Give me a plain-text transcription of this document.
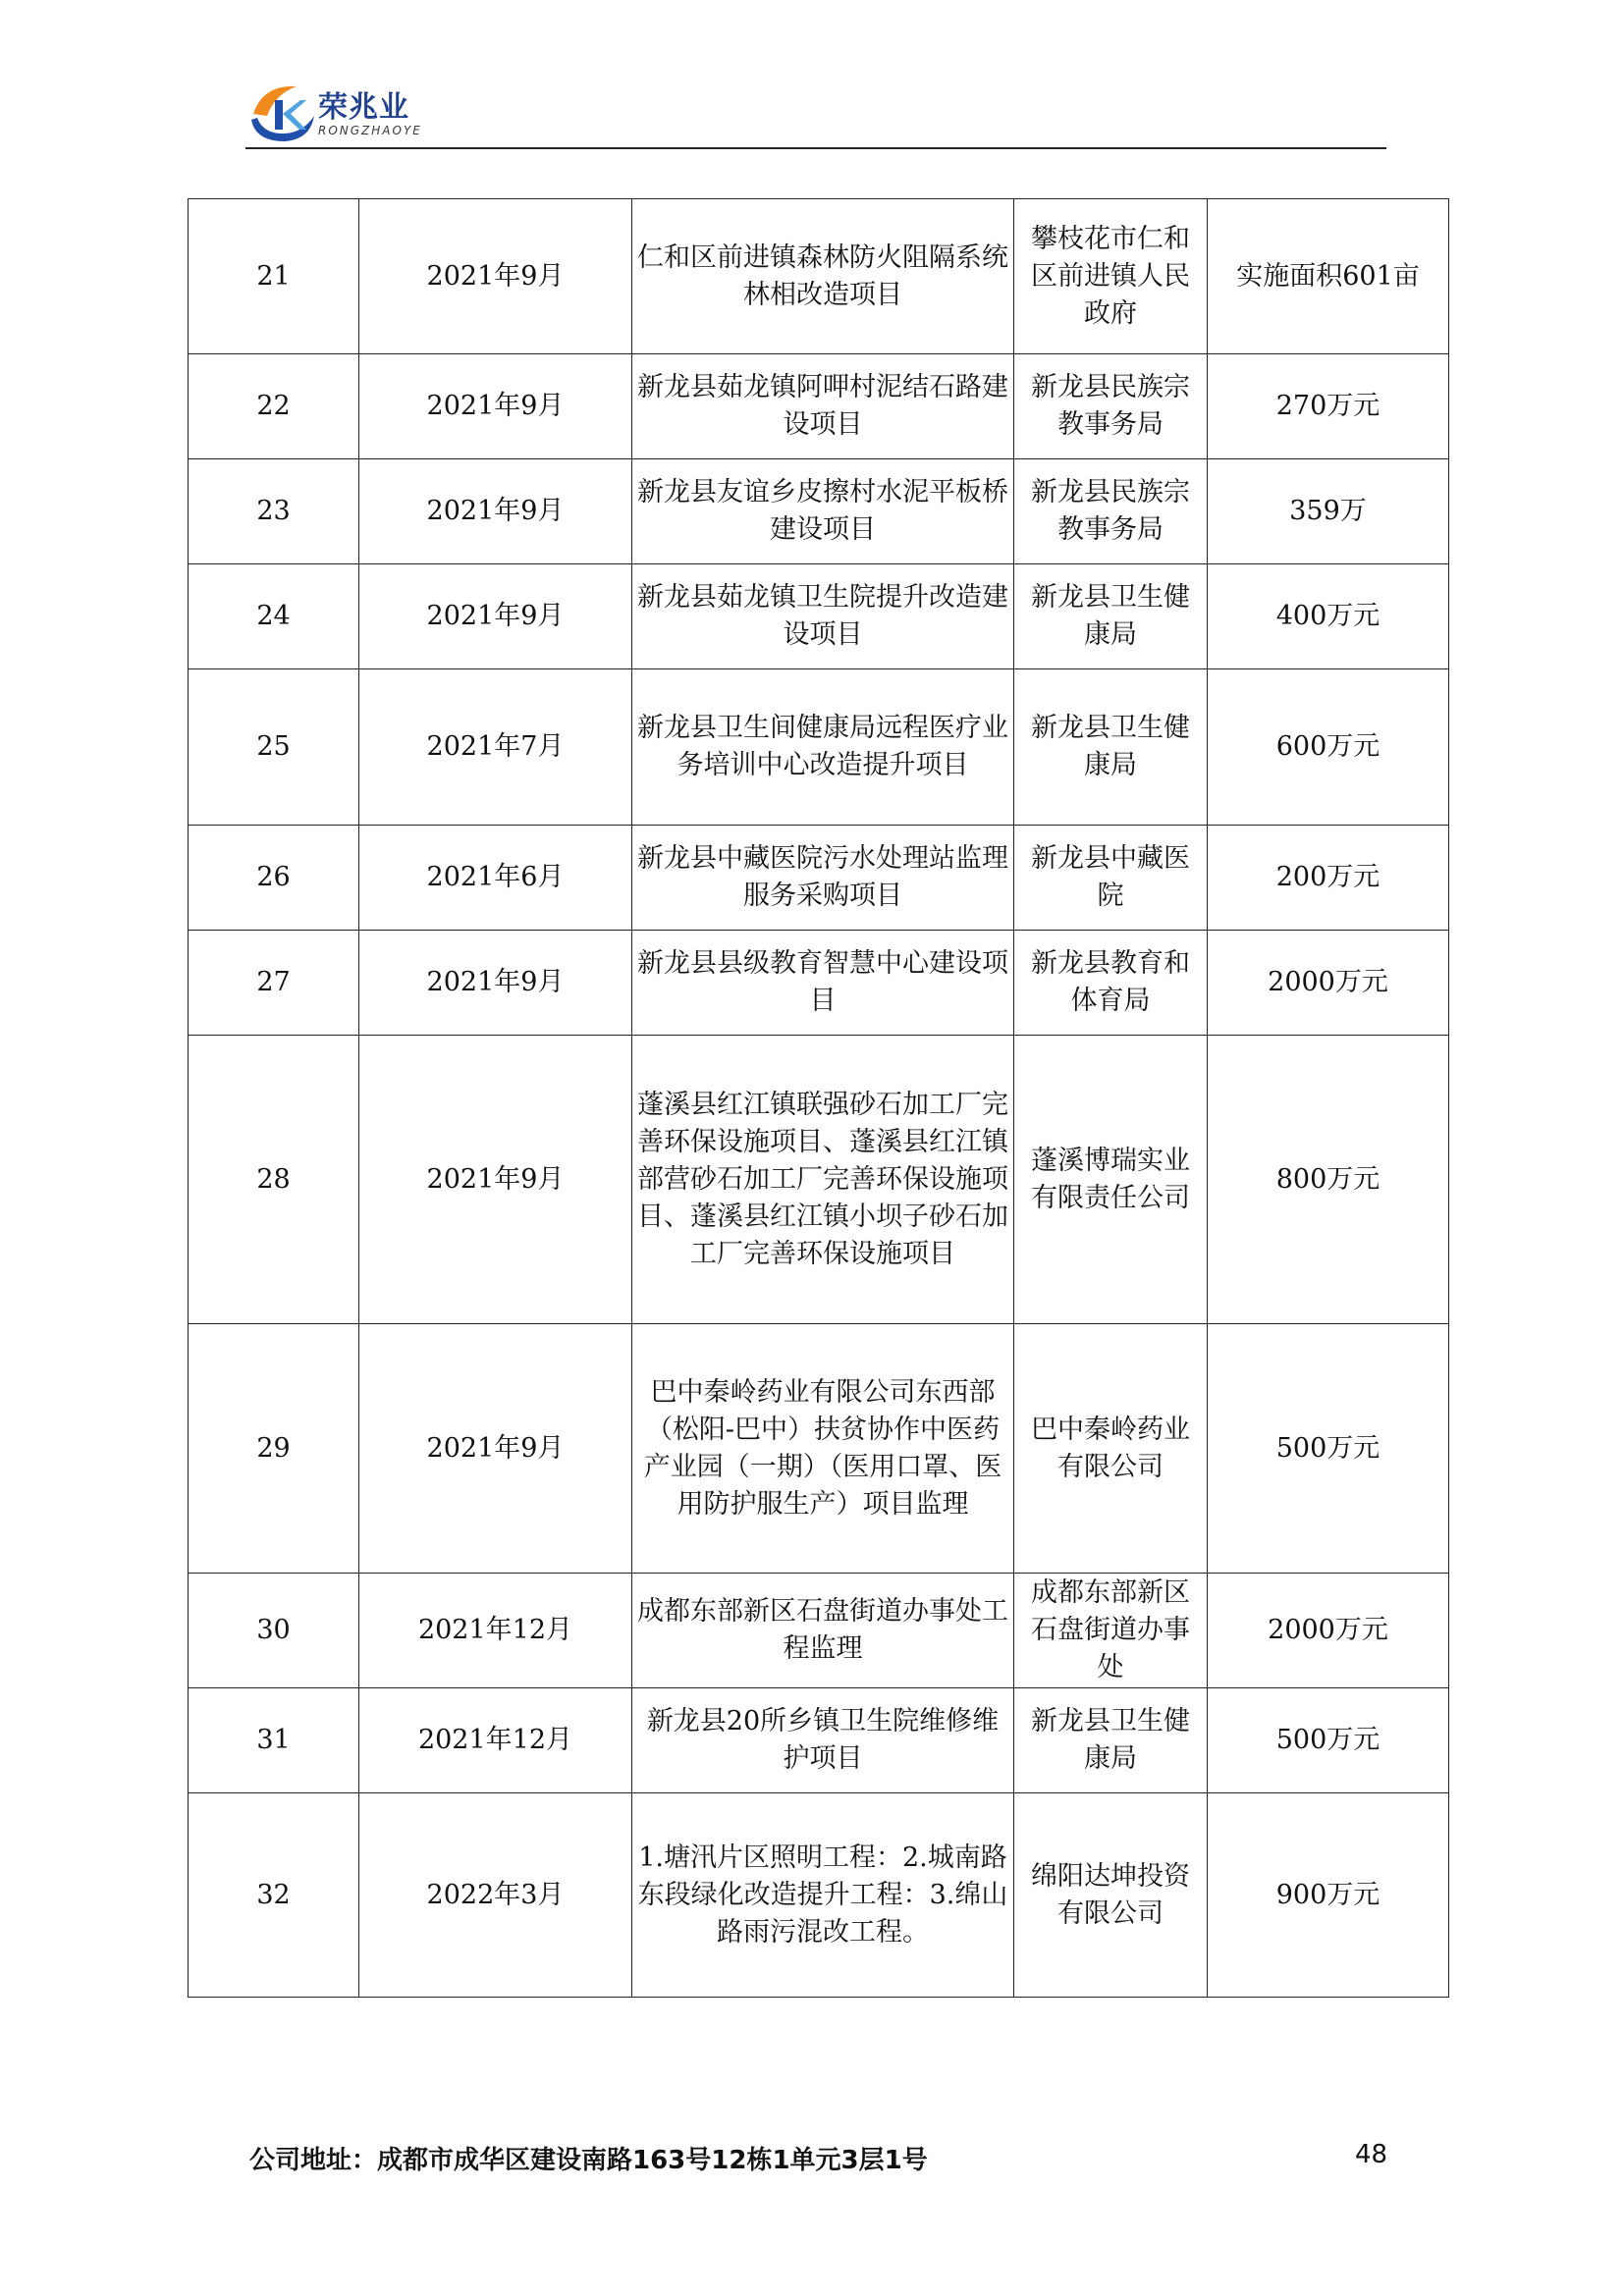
荣兆业
RONGZHAOYE
21	2021年9月	仁和区前进镇森林防火阻隔系统林相改造项目	攀枝花市仁和区前进镇人民政府	实施面积601亩
22	2021年9月	新龙县茹龙镇阿呷村泥结石路建设项目	新龙县民族宗教事务局	270万元
23	2021年9月	新龙县友谊乡皮擦村水泥平板桥建设项目	新龙县民族宗教事务局	359万
24	2021年9月	新龙县茹龙镇卫生院提升改造建设项目	新龙县卫生健康局	400万元
25	2021年7月	新龙县卫生间健康局远程医疗业务培训中心改造提升项目	新龙县卫生健康局	600万元
26	2021年6月	新龙县中藏医院污水处理站监理服务采购项目	新龙县中藏医院	200万元
27	2021年9月	新龙县县级教育智慧中心建设项目	新龙县教育和体育局	2000万元
28	2021年9月	蓬溪县红江镇联强砂石加工厂完善环保设施项目、蓬溪县红江镇部营砂石加工厂完善环保设施项目、蓬溪县红江镇小坝子砂石加工厂完善环保设施项目	蓬溪博瑞实业有限责任公司	800万元
29	2021年9月	巴中秦岭药业有限公司东西部（松阳-巴中）扶贫协作中医药产业园（一期）（医用口罩、医用防护服生产）项目监理	巴中秦岭药业有限公司	500万元
30	2021年12月	成都东部新区石盘街道办事处工程监理	成都东部新区石盘街道办事处	2000万元
31	2021年12月	新龙县20所乡镇卫生院维修维护项目	新龙县卫生健康局	500万元
32	2022年3月	1.塘汛片区照明工程：2.城南路东段绿化改造提升工程：3.绵山路雨污混改工程。	绵阳达坤投资有限公司	900万元
公司地址：成都市成华区建设南路163号12栋1单元3层1号	48
